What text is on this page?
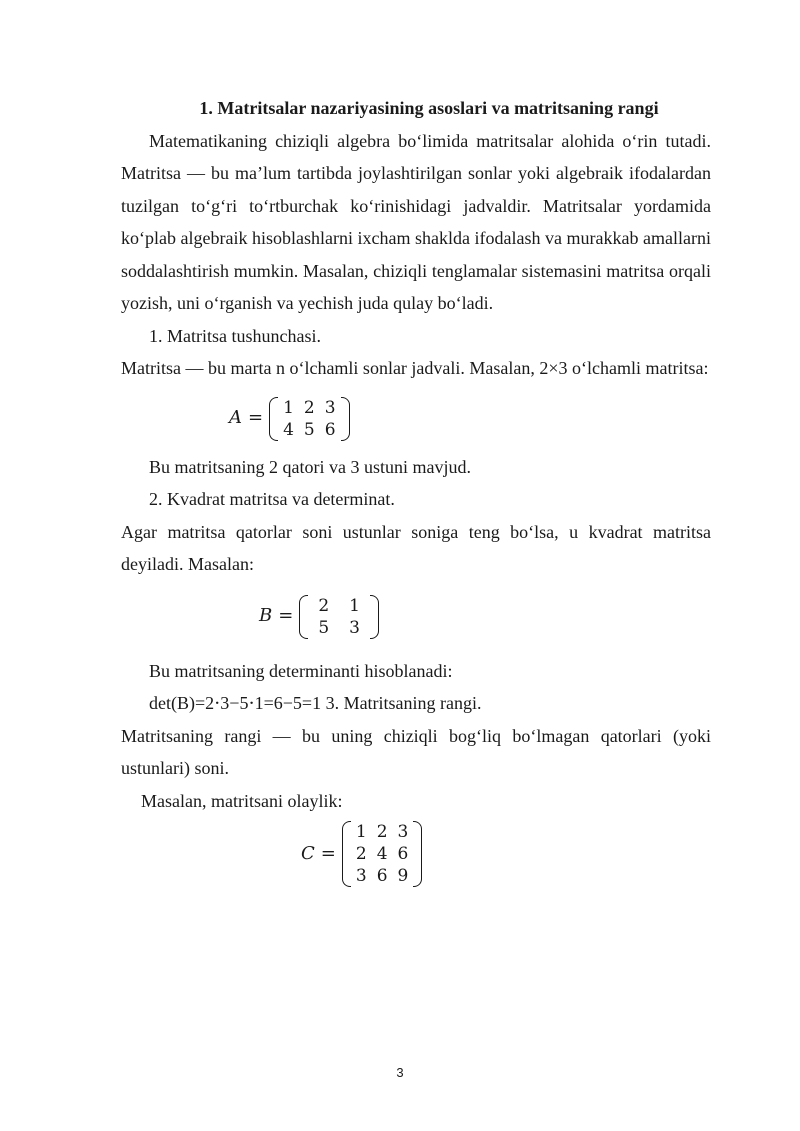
1. Matritsalar nazariyasining asoslari va matritsaning rangi

Matematikaning chiziqli algebra bo‘limida matritsalar alohida o‘rin tutadi. Matritsa — bu ma’lum tartibda joylashtirilgan sonlar yoki algebraik ifodalardan tuzilgan to‘g‘ri to‘rtburchak ko‘rinishidagi jadvaldir. Matritsalar yordamida ko‘plab algebraik hisoblashlarni ixcham shaklda ifodalash va murakkab amallarni soddalashtirish mumkin. Masalan, chiziqli tenglamalar sistemasini matritsa orqali yozish, uni o‘rganish va yechish juda qulay bo‘ladi.

1. Matritsa tushunchasi.

Matritsa — bu marta n o‘lchamli sonlar jadvali. Masalan, 2×3 o‘lchamli matritsa:

A = 1	2	3
4	5	6

Bu matritsaning 2 qatori va 3 ustuni mavjud.

2. Kvadrat matritsa va determinat.

Agar matritsa qatorlar soni ustunlar soniga teng bo‘lsa, u kvadrat matritsa deyiladi. Masalan:

B = 2	1
5	3

Bu matritsaning determinanti hisoblanadi:

det(B)=2⋅3−5⋅1=6−5=1 3. Matritsaning rangi.

Matritsaning rangi — bu uning chiziqli bog‘liq bo‘lmagan qatorlari (yoki ustunlari) soni.

Masalan, matritsani olaylik:

C =
1	2	3
2	4	6
3	6	9
3
